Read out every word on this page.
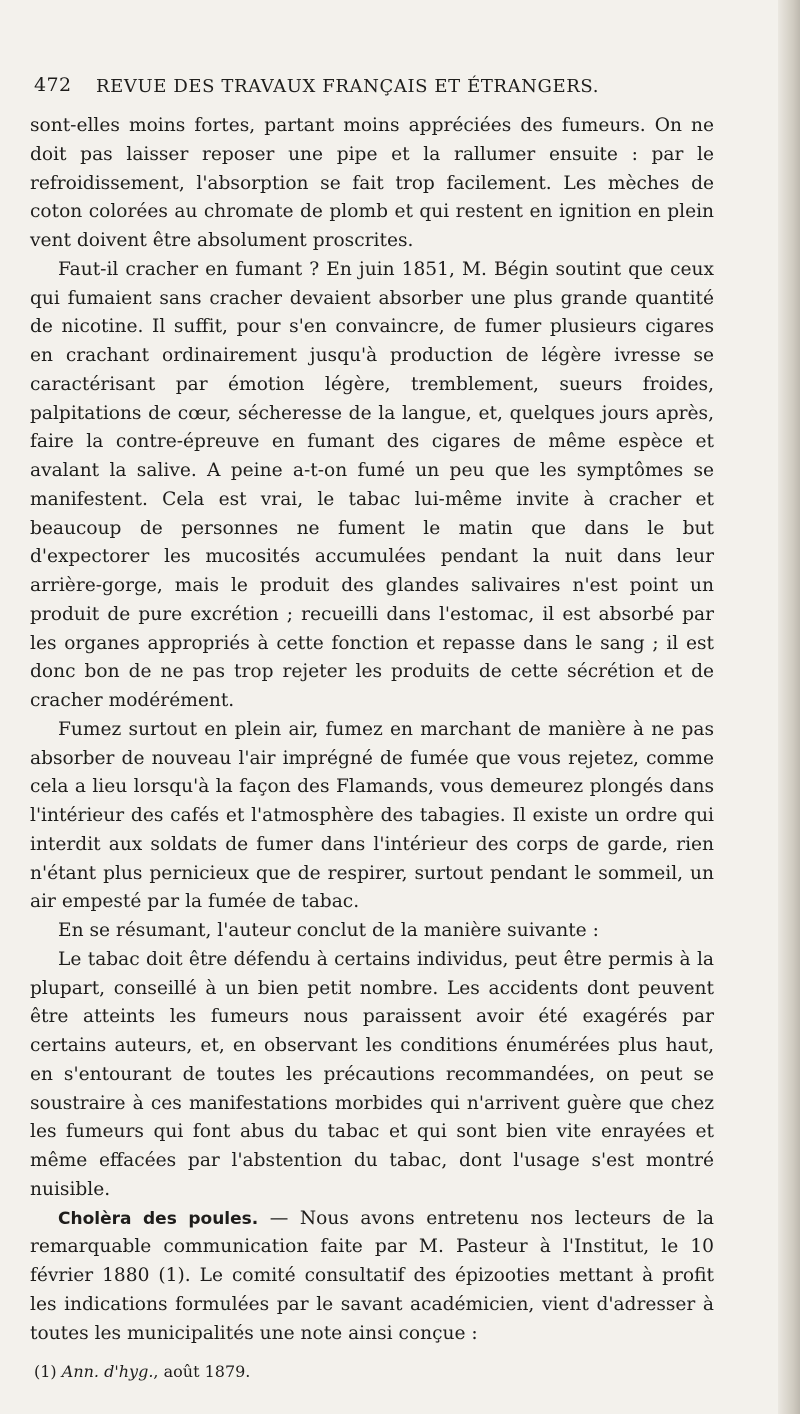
472 REVUE DES TRAVAUX FRANÇAIS ET ÉTRANGERS.

sont-elles moins fortes, partant moins appréciées des fumeurs. On ne doit pas laisser reposer une pipe et la rallumer ensuite : par le refroidissement, l'absorption se fait trop facilement. Les mèches de coton colorées au chromate de plomb et qui restent en ignition en plein vent doivent être absolument proscrites.

Faut-il cracher en fumant ? En juin 1851, M. Bégin soutint que ceux qui fumaient sans cracher devaient absorber une plus grande quantité de nicotine. Il suffit, pour s'en convaincre, de fumer plusieurs cigares en crachant ordinairement jusqu'à production de légère ivresse se caractérisant par émotion légère, tremblement, sueurs froides, palpitations de cœur, sécheresse de la langue, et, quelques jours après, faire la contre-épreuve en fumant des cigares de même espèce et avalant la salive. A peine a-t-on fumé un peu que les symptômes se manifestent. Cela est vrai, le tabac lui-même invite à cracher et beaucoup de personnes ne fument le matin que dans le but d'expectorer les mucosités accumulées pendant la nuit dans leur arrière-gorge, mais le produit des glandes salivaires n'est point un produit de pure excrétion ; recueilli dans l'estomac, il est absorbé par les organes appropriés à cette fonction et repasse dans le sang ; il est donc bon de ne pas trop rejeter les produits de cette sécrétion et de cracher modérément.

Fumez surtout en plein air, fumez en marchant de manière à ne pas absorber de nouveau l'air imprégné de fumée que vous rejetez, comme cela a lieu lorsqu'à la façon des Flamands, vous demeurez plongés dans l'intérieur des cafés et l'atmosphère des tabagies. Il existe un ordre qui interdit aux soldats de fumer dans l'intérieur des corps de garde, rien n'étant plus pernicieux que de respirer, surtout pendant le sommeil, un air empesté par la fumée de tabac.

En se résumant, l'auteur conclut de la manière suivante :

Le tabac doit être défendu à certains individus, peut être permis à la plupart, conseillé à un bien petit nombre. Les accidents dont peuvent être atteints les fumeurs nous paraissent avoir été exagérés par certains auteurs, et, en observant les conditions énumérées plus haut, en s'entourant de toutes les précautions recommandées, on peut se soustraire à ces manifestations morbides qui n'arrivent guère que chez les fumeurs qui font abus du tabac et qui sont bien vite enrayées et même effacées par l'abstention du tabac, dont l'usage s'est montré nuisible.

Cholèra des poules. — Nous avons entretenu nos lecteurs de la remarquable communication faite par M. Pasteur à l'Institut, le 10 février 1880 (1). Le comité consultatif des épizooties mettant à profit les indications formulées par le savant académicien, vient d'adresser à toutes les municipalités une note ainsi conçue :

(1) Ann. d'hyg., août 1879.
